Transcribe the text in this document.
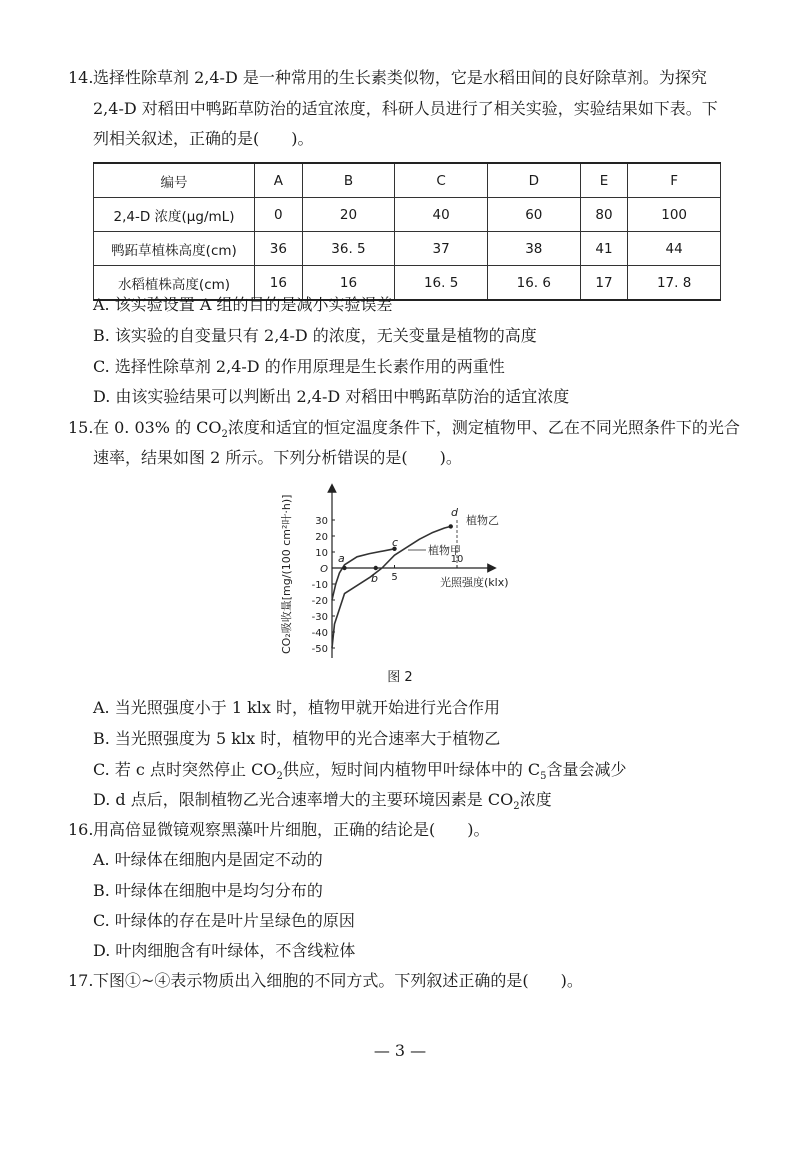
14. 选择性除草剂 2,4-D 是一种常用的生长素类似物，它是水稻田间的良好除草剂。为探究
2,4-D 对稻田中鸭跖草防治的适宜浓度，科研人员进行了相关实验，实验结果如下表。下
列相关叙述，正确的是(　　)。
编号	A	B	C	D	E	F
2,4-D 浓度(μg/mL)	0	20	40	60	80	100
鸭跖草植株高度(cm)	36	36. 5	37	38	41	44
水稻植株高度(cm)	16	16	16. 5	16. 6	17	17. 8
A. 该实验设置 A 组的目的是减小实验误差
B. 该实验的自变量只有 2,4-D 的浓度，无关变量是植物的高度
C. 选择性除草剂 2,4-D 的作用原理是生长素作用的两重性
D. 由该实验结果可以判断出 2,4-D 对稻田中鸭跖草防治的适宜浓度
15. 在 0. 03% 的 $CO_2$浓度和适宜的恒定温度条件下，测定植物甲、乙在不同光照条件下的光合
速率，结果如图 2 所示。下列分析错误的是(　　)。
CO₂吸收量[mg/(100 cm²叶·h)] 30
20
10
O
-10
-20
-30
-40
-50
5
10
光照强度(klx)
a
b
c
d
植物甲
植物乙
图 2
A. 当光照强度小于 1 klx 时，植物甲就开始进行光合作用
B. 当光照强度为 5 klx 时，植物甲的光合速率大于植物乙
C. 若 c 点时突然停止 $CO_2$供应，短时间内植物甲叶绿体中的 $C_5$含量会减少
D. d 点后，限制植物乙光合速率增大的主要环境因素是 $CO_2$浓度
16. 用高倍显微镜观察黑藻叶片细胞，正确的结论是(　　)。
A. 叶绿体在细胞内是固定不动的
B. 叶绿体在细胞中是均匀分布的
C. 叶绿体的存在是叶片呈绿色的原因
D. 叶肉细胞含有叶绿体，不含线粒体
17. 下图①~④表示物质出入细胞的不同方式。下列叙述正确的是(　　)。
— 3 —
